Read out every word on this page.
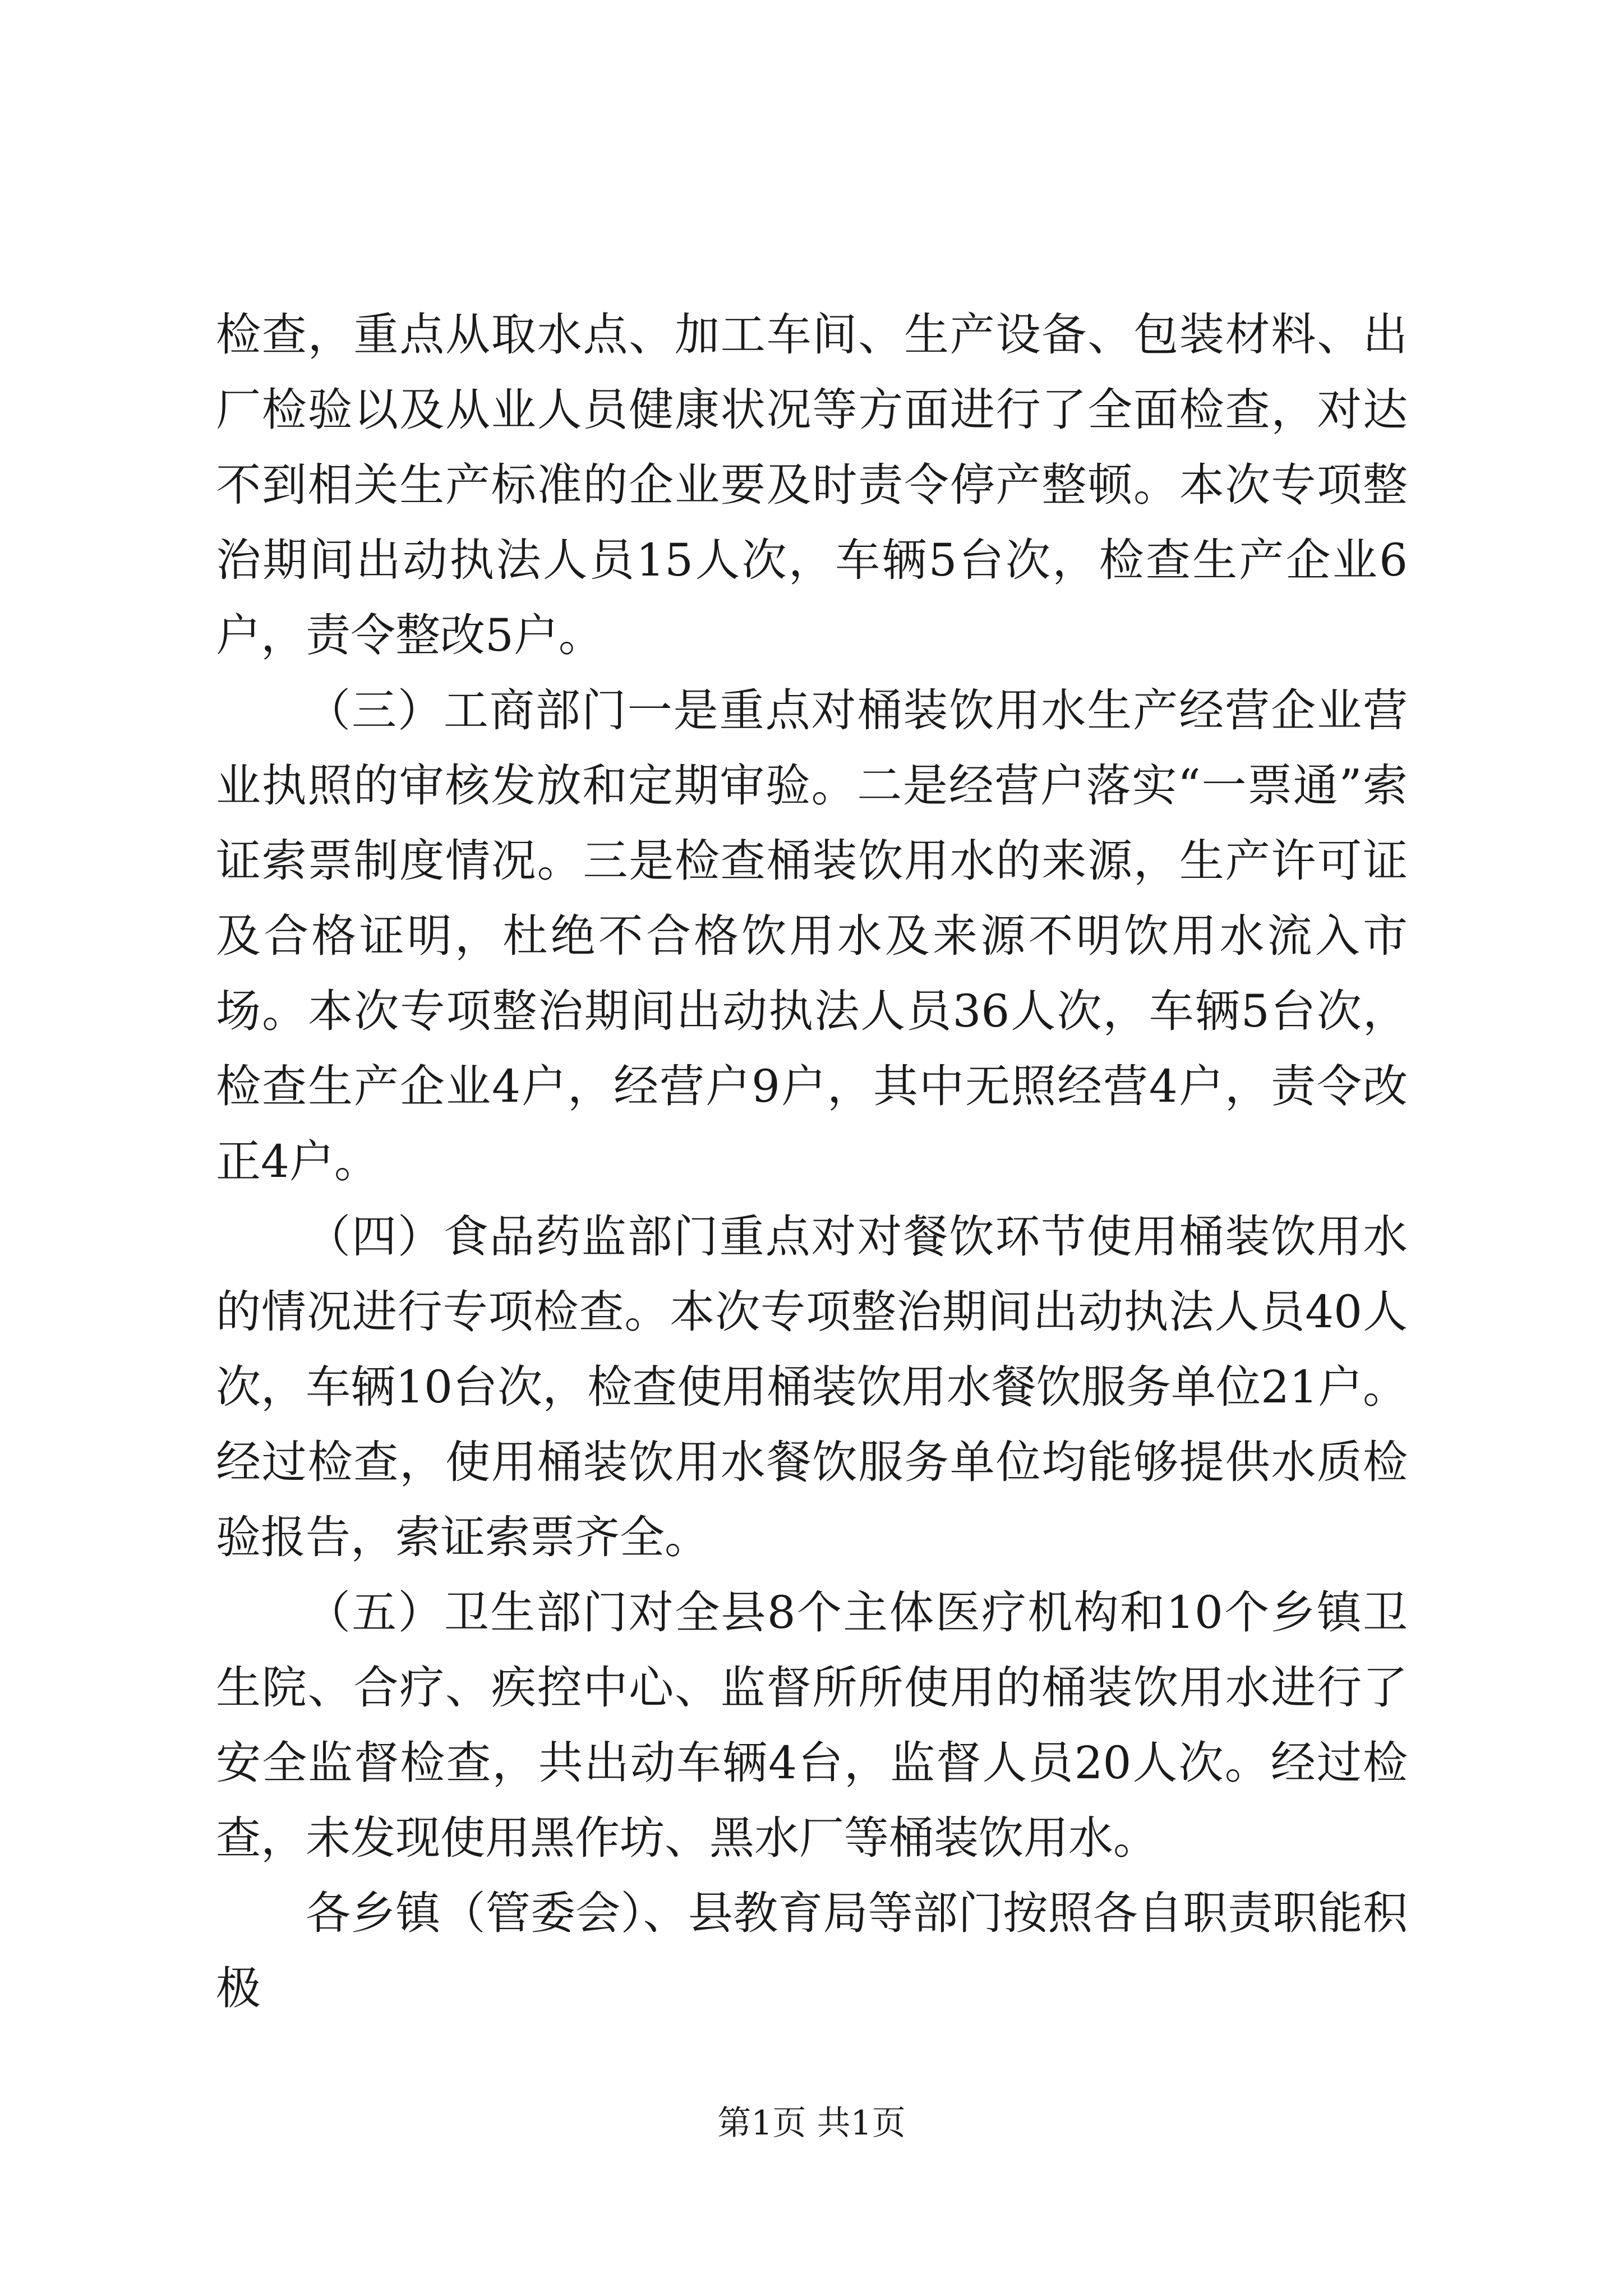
检查，重点从取水点、加工车间、生产设备、包装材料、出厂检验以及从业人员健康状况等方面进行了全面检查，对达不到相关生产标准的企业要及时责令停产整顿。本次专项整治期间出动执法人员15人次，车辆5台次，检查生产企业6户，责令整改5户。

（三）工商部门一是重点对桶装饮用水生产经营企业营业执照的审核发放和定期审验。二是经营户落实“一票通”索证索票制度情况。三是检查桶装饮用水的来源，生产许可证及合格证明，杜绝不合格饮用水及来源不明饮用水流入市场。本次专项整治期间出动执法人员36人次，车辆5台次，检查生产企业4户，经营户9户，其中无照经营4户，责令改正4户。

（四）食品药监部门重点对对餐饮环节使用桶装饮用水的情况进行专项检查。本次专项整治期间出动执法人员40人次，车辆10台次，检查使用桶装饮用水餐饮服务单位21户。经过检查，使用桶装饮用水餐饮服务单位均能够提供水质检验报告，索证索票齐全。

（五）卫生部门对全县8个主体医疗机构和10个乡镇卫生院、合疗、疾控中心、监督所所使用的桶装饮用水进行了安全监督检查，共出动车辆4台，监督人员20人次。经过检查，未发现使用黑作坊、黑水厂等桶装饮用水。

各乡镇（管委会）、县教育局等部门按照各自职责职能积极

第1页 共1页
